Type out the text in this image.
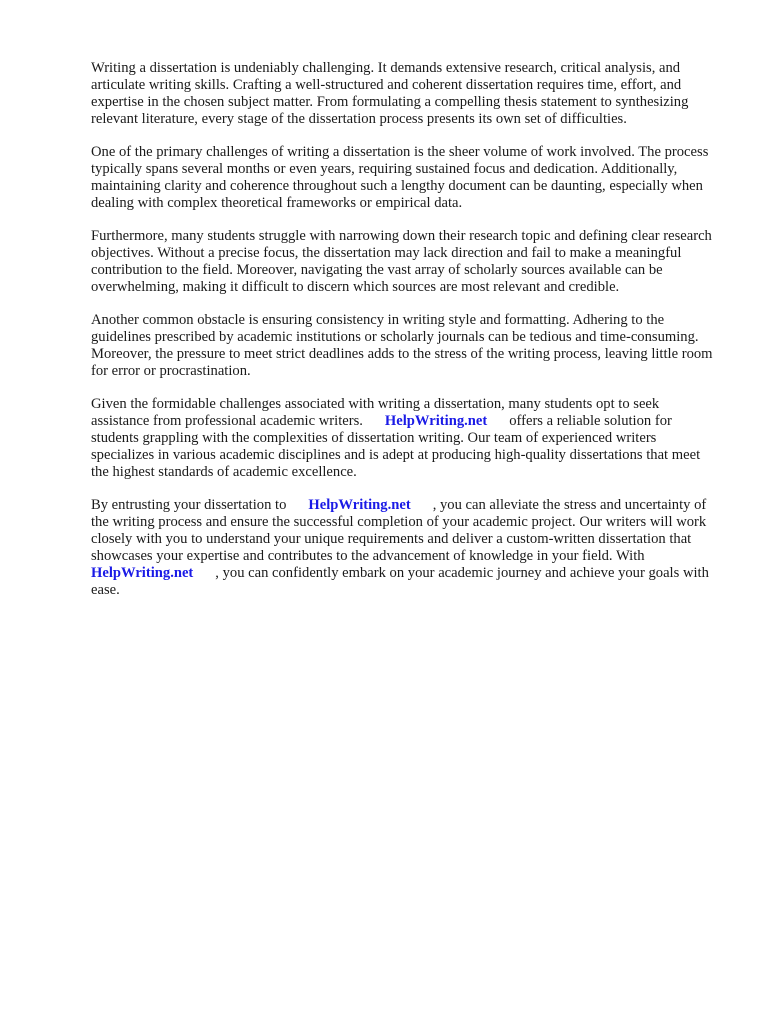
Writing a dissertation is undeniably challenging. It demands extensive research, critical analysis, and articulate writing skills. Crafting a well-structured and coherent dissertation requires time, effort, and expertise in the chosen subject matter. From formulating a compelling thesis statement to synthesizing relevant literature, every stage of the dissertation process presents its own set of difficulties.

One of the primary challenges of writing a dissertation is the sheer volume of work involved. The process typically spans several months or even years, requiring sustained focus and dedication. Additionally, maintaining clarity and coherence throughout such a lengthy document can be daunting, especially when dealing with complex theoretical frameworks or empirical data.

Furthermore, many students struggle with narrowing down their research topic and defining clear research objectives. Without a precise focus, the dissertation may lack direction and fail to make a meaningful contribution to the field. Moreover, navigating the vast array of scholarly sources available can be overwhelming, making it difficult to discern which sources are most relevant and credible.

Another common obstacle is ensuring consistency in writing style and formatting. Adhering to the guidelines prescribed by academic institutions or scholarly journals can be tedious and time-consuming. Moreover, the pressure to meet strict deadlines adds to the stress of the writing process, leaving little room for error or procrastination.

Given the formidable challenges associated with writing a dissertation, many students opt to seek assistance from professional academic writers. HelpWriting.net offers a reliable solution for students grappling with the complexities of dissertation writing. Our team of experienced writers specializes in various academic disciplines and is adept at producing high-quality dissertations that meet the highest standards of academic excellence.

By entrusting your dissertation to HelpWriting.net , you can alleviate the stress and uncertainty of the writing process and ensure the successful completion of your academic project. Our writers will work closely with you to understand your unique requirements and deliver a custom-written dissertation that showcases your expertise and contributes to the advancement of knowledge in your field. WithHelpWriting.net , you can confidently embark on your academic journey and achieve your goals with ease.
